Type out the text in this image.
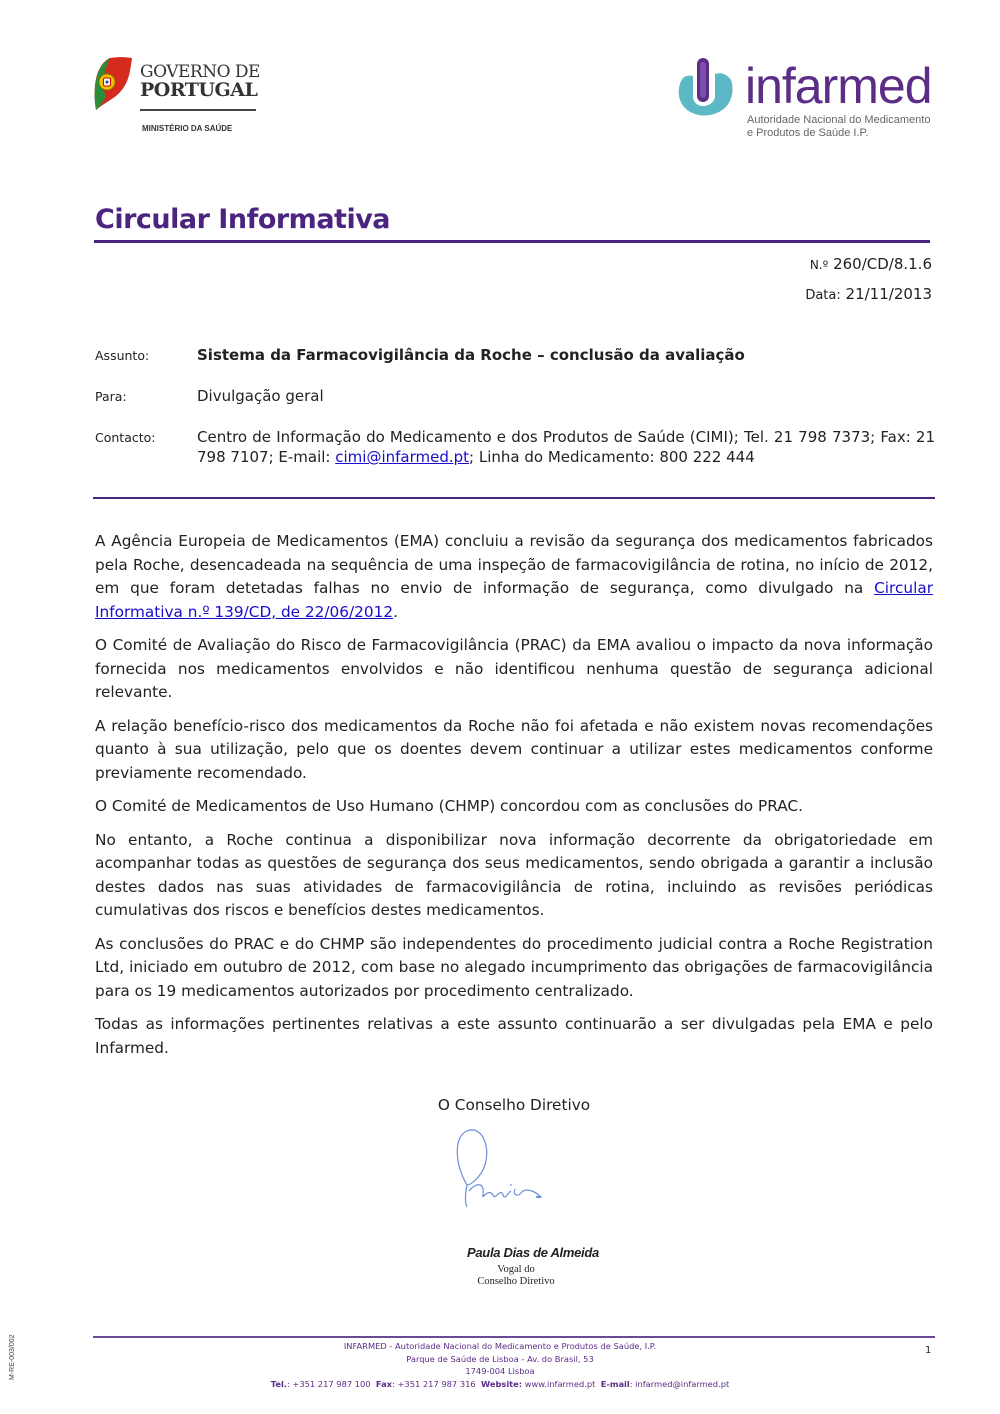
GOVERNO DE
PORTUGAL
MINISTÉRIO DA SAÚDE
infarmed
Autoridade Nacional do Medicamento
e Produtos de Saúde I.P.
Circular Informativa
N.º 260/CD/8.1.6
Data: 21/11/2013
Assunto:	Sistema da Farmacovigilância da Roche – conclusão da avaliação
Para:	Divulgação geral
Contacto:	Centro de Informação do Medicamento e dos Produtos de Saúde (CIMI); Tel. 21 798 7373; Fax: 21 798 7107; E-mail: cimi@infarmed.pt; Linha do Medicamento: 800 222 444

A Agência Europeia de Medicamentos (EMA) concluiu a revisão da segurança dos medicamentos fabricados pela Roche, desencadeada na sequência de uma inspeção de farmacovigilância de rotina, no início de 2012, em que foram detetadas falhas no envio de informação de segurança, como divulgado na Circular Informativa n.º 139/CD, de 22/06/2012.

O Comité de Avaliação do Risco de Farmacovigilância (PRAC) da EMA avaliou o impacto da nova informação fornecida nos medicamentos envolvidos e não identificou nenhuma questão de segurança adicional relevante.

A relação benefício-risco dos medicamentos da Roche não foi afetada e não existem novas recomendações quanto à sua utilização, pelo que os doentes devem continuar a utilizar estes medicamentos conforme previamente recomendado.

O Comité de Medicamentos de Uso Humano (CHMP) concordou com as conclusões do PRAC.

No entanto, a Roche continua a disponibilizar nova informação decorrente da obrigatoriedade em acompanhar todas as questões de segurança dos seus medicamentos, sendo obrigada a garantir a inclusão destes dados nas suas atividades de farmacovigilância de rotina, incluindo as revisões periódicas cumulativas dos riscos e benefícios destes medicamentos.

As conclusões do PRAC e do CHMP são independentes do procedimento judicial contra a Roche Registration Ltd, iniciado em outubro de 2012, com base no alegado incumprimento das obrigações de farmacovigilância para os 19 medicamentos autorizados por procedimento centralizado.

Todas as informações pertinentes relativas a este assunto continuarão a ser divulgadas pela EMA e pelo Infarmed.

O Conselho Diretivo
Paula Dias de Almeida
Vogal do
Conselho Diretivo
INFARMED - Autoridade Nacional do Medicamento e Produtos de Saúde, I.P.
Parque de Saúde de Lisboa - Av. do Brasil, 53
1749-004 Lisboa
Tel.: +351 217 987 100 Fax: +351 217 987 316 Website: www.infarmed.pt E-mail: infarmed@infarmed.pt
1
M-RE-003/002
